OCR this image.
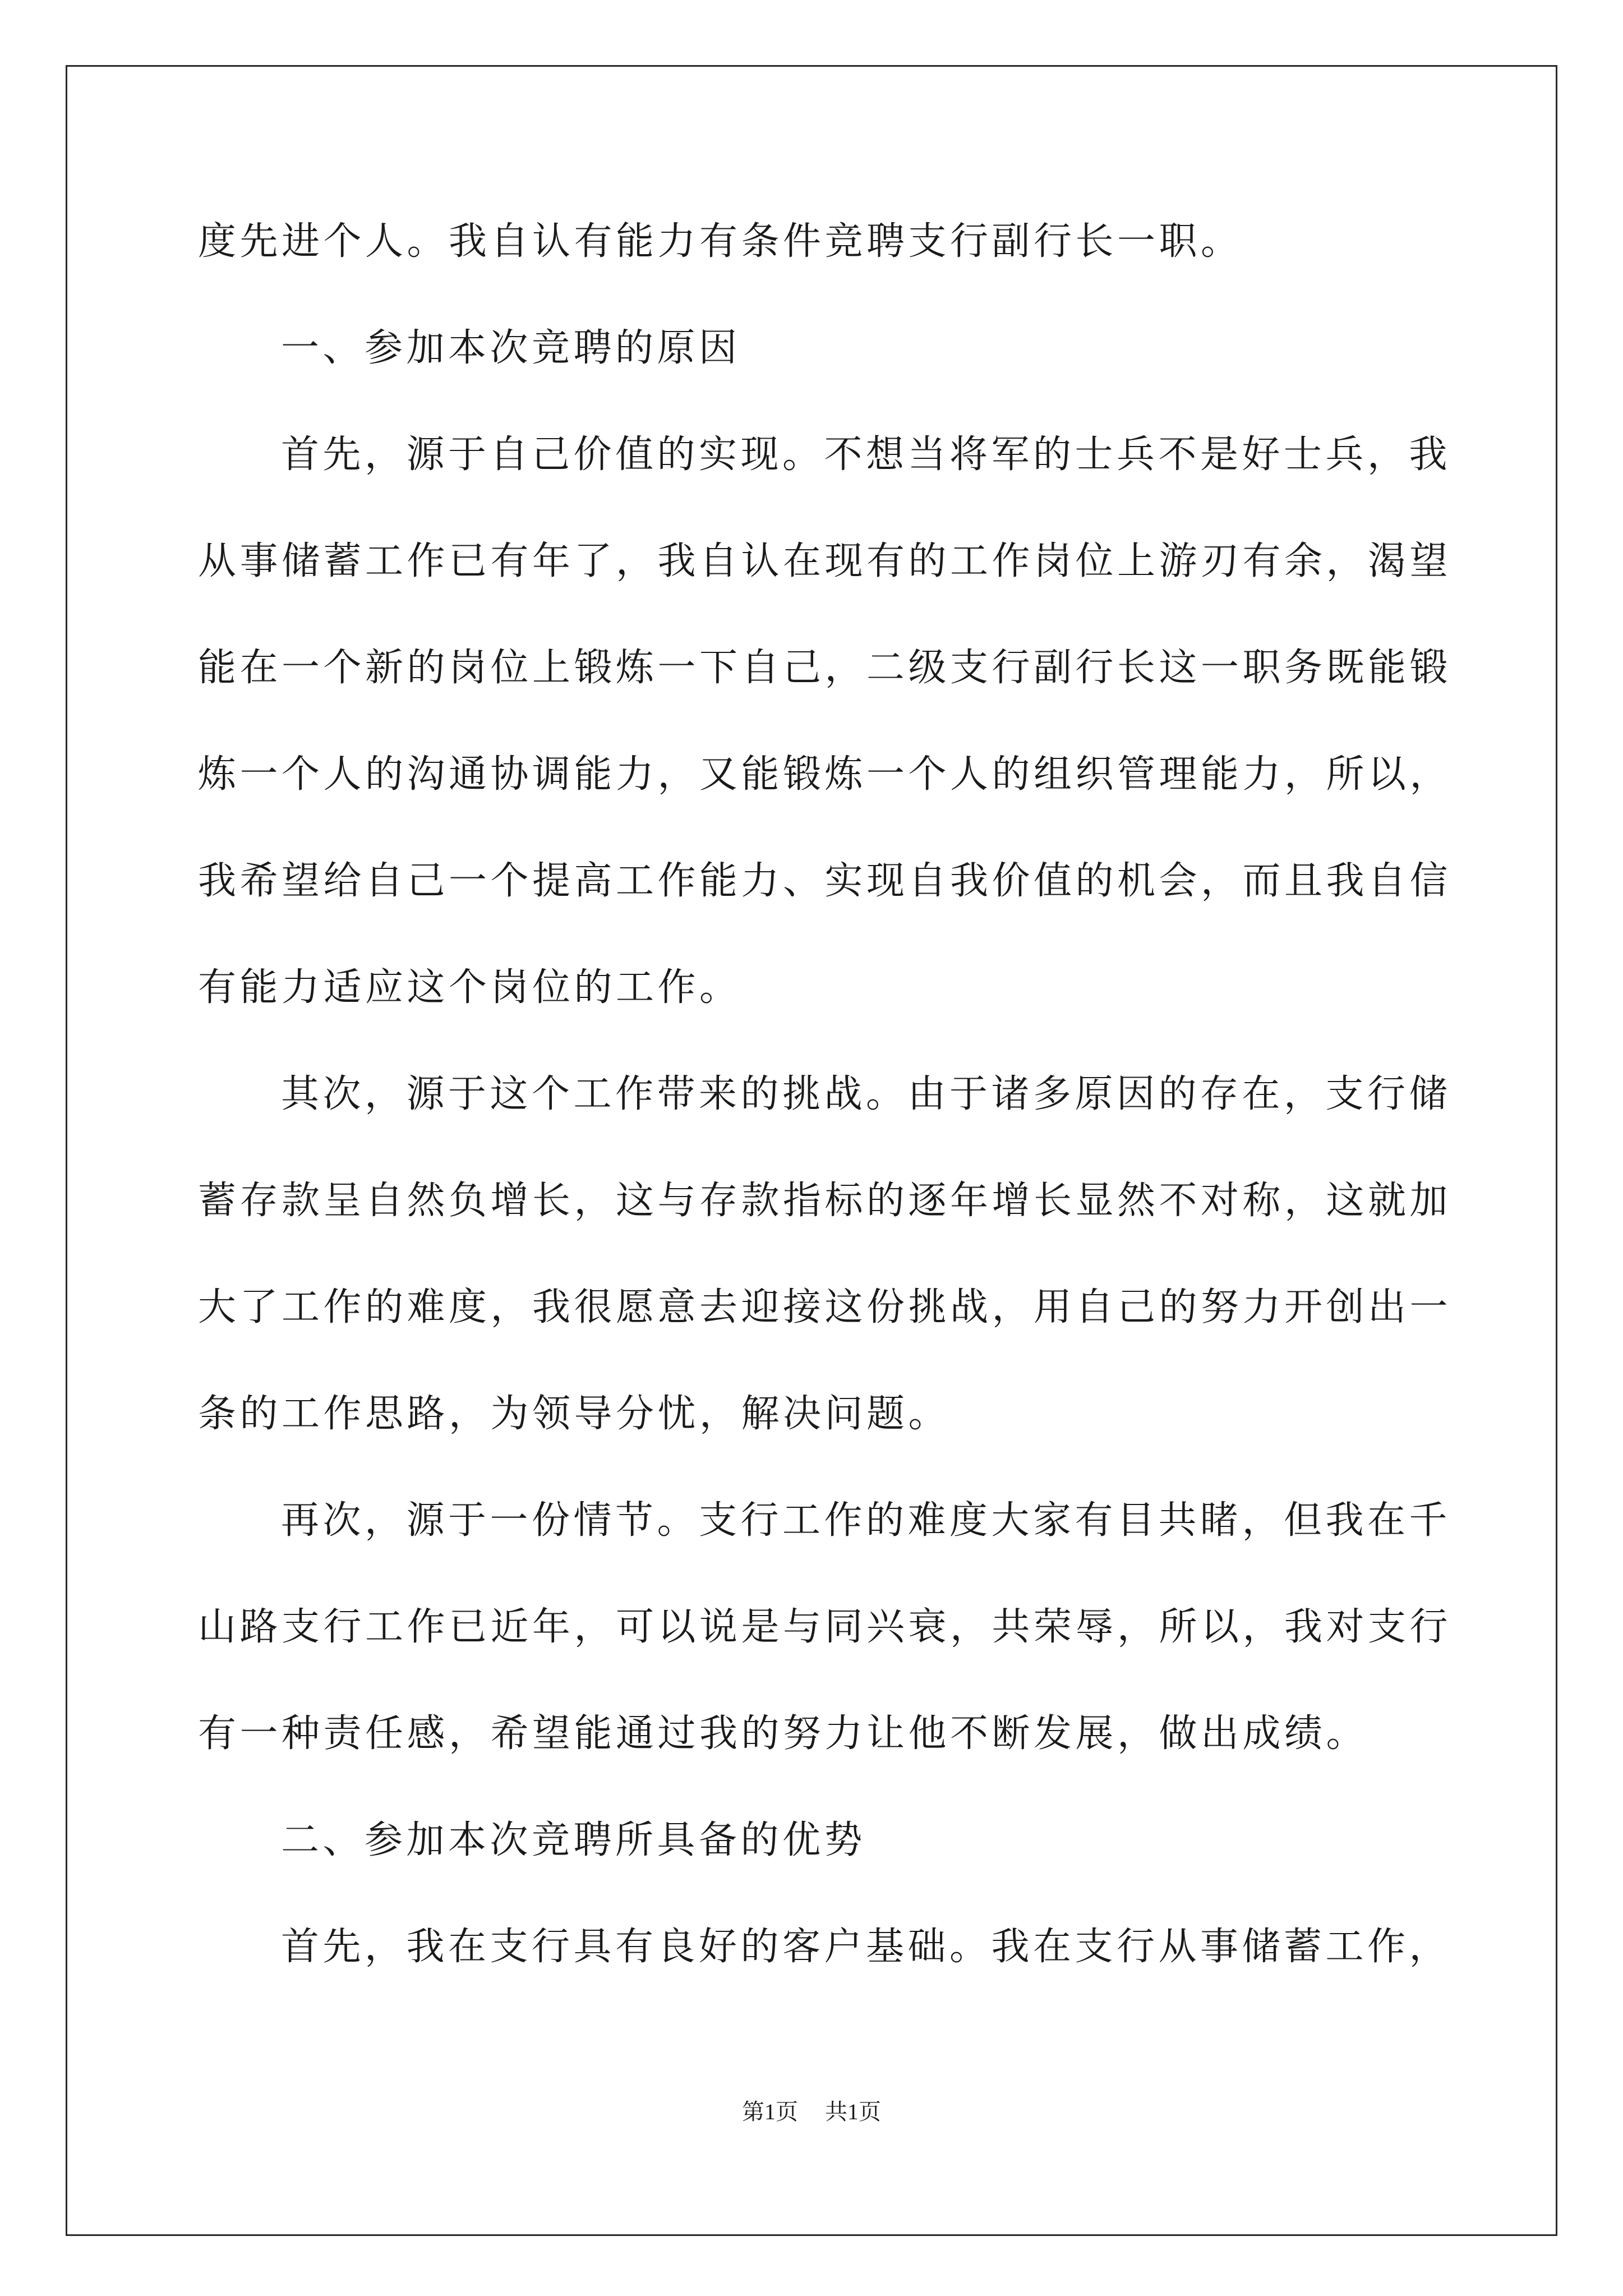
度先进个人。我自认有能力有条件竞聘支行副行长一职。
一、参加本次竞聘的原因
首先，源于自己价值的实现。不想当将军的士兵不是好士兵，我
从事储蓄工作已有年了，我自认在现有的工作岗位上游刃有余，渴望
能在一个新的岗位上锻炼一下自己，二级支行副行长这一职务既能锻
炼一个人的沟通协调能力，又能锻炼一个人的组织管理能力，所以，
我希望给自己一个提高工作能力、实现自我价值的机会，而且我自信
有能力适应这个岗位的工作。
其次，源于这个工作带来的挑战。由于诸多原因的存在，支行储
蓄存款呈自然负增长，这与存款指标的逐年增长显然不对称，这就加
大了工作的难度，我很愿意去迎接这份挑战，用自己的努力开创出一
条的工作思路，为领导分忧，解决问题。
再次，源于一份情节。支行工作的难度大家有目共睹，但我在千
山路支行工作已近年，可以说是与同兴衰，共荣辱，所以，我对支行
有一种责任感，希望能通过我的努力让他不断发展，做出成绩。
二、参加本次竞聘所具备的优势
首先，我在支行具有良好的客户基础。我在支行从事储蓄工作，
第1页 共1页
